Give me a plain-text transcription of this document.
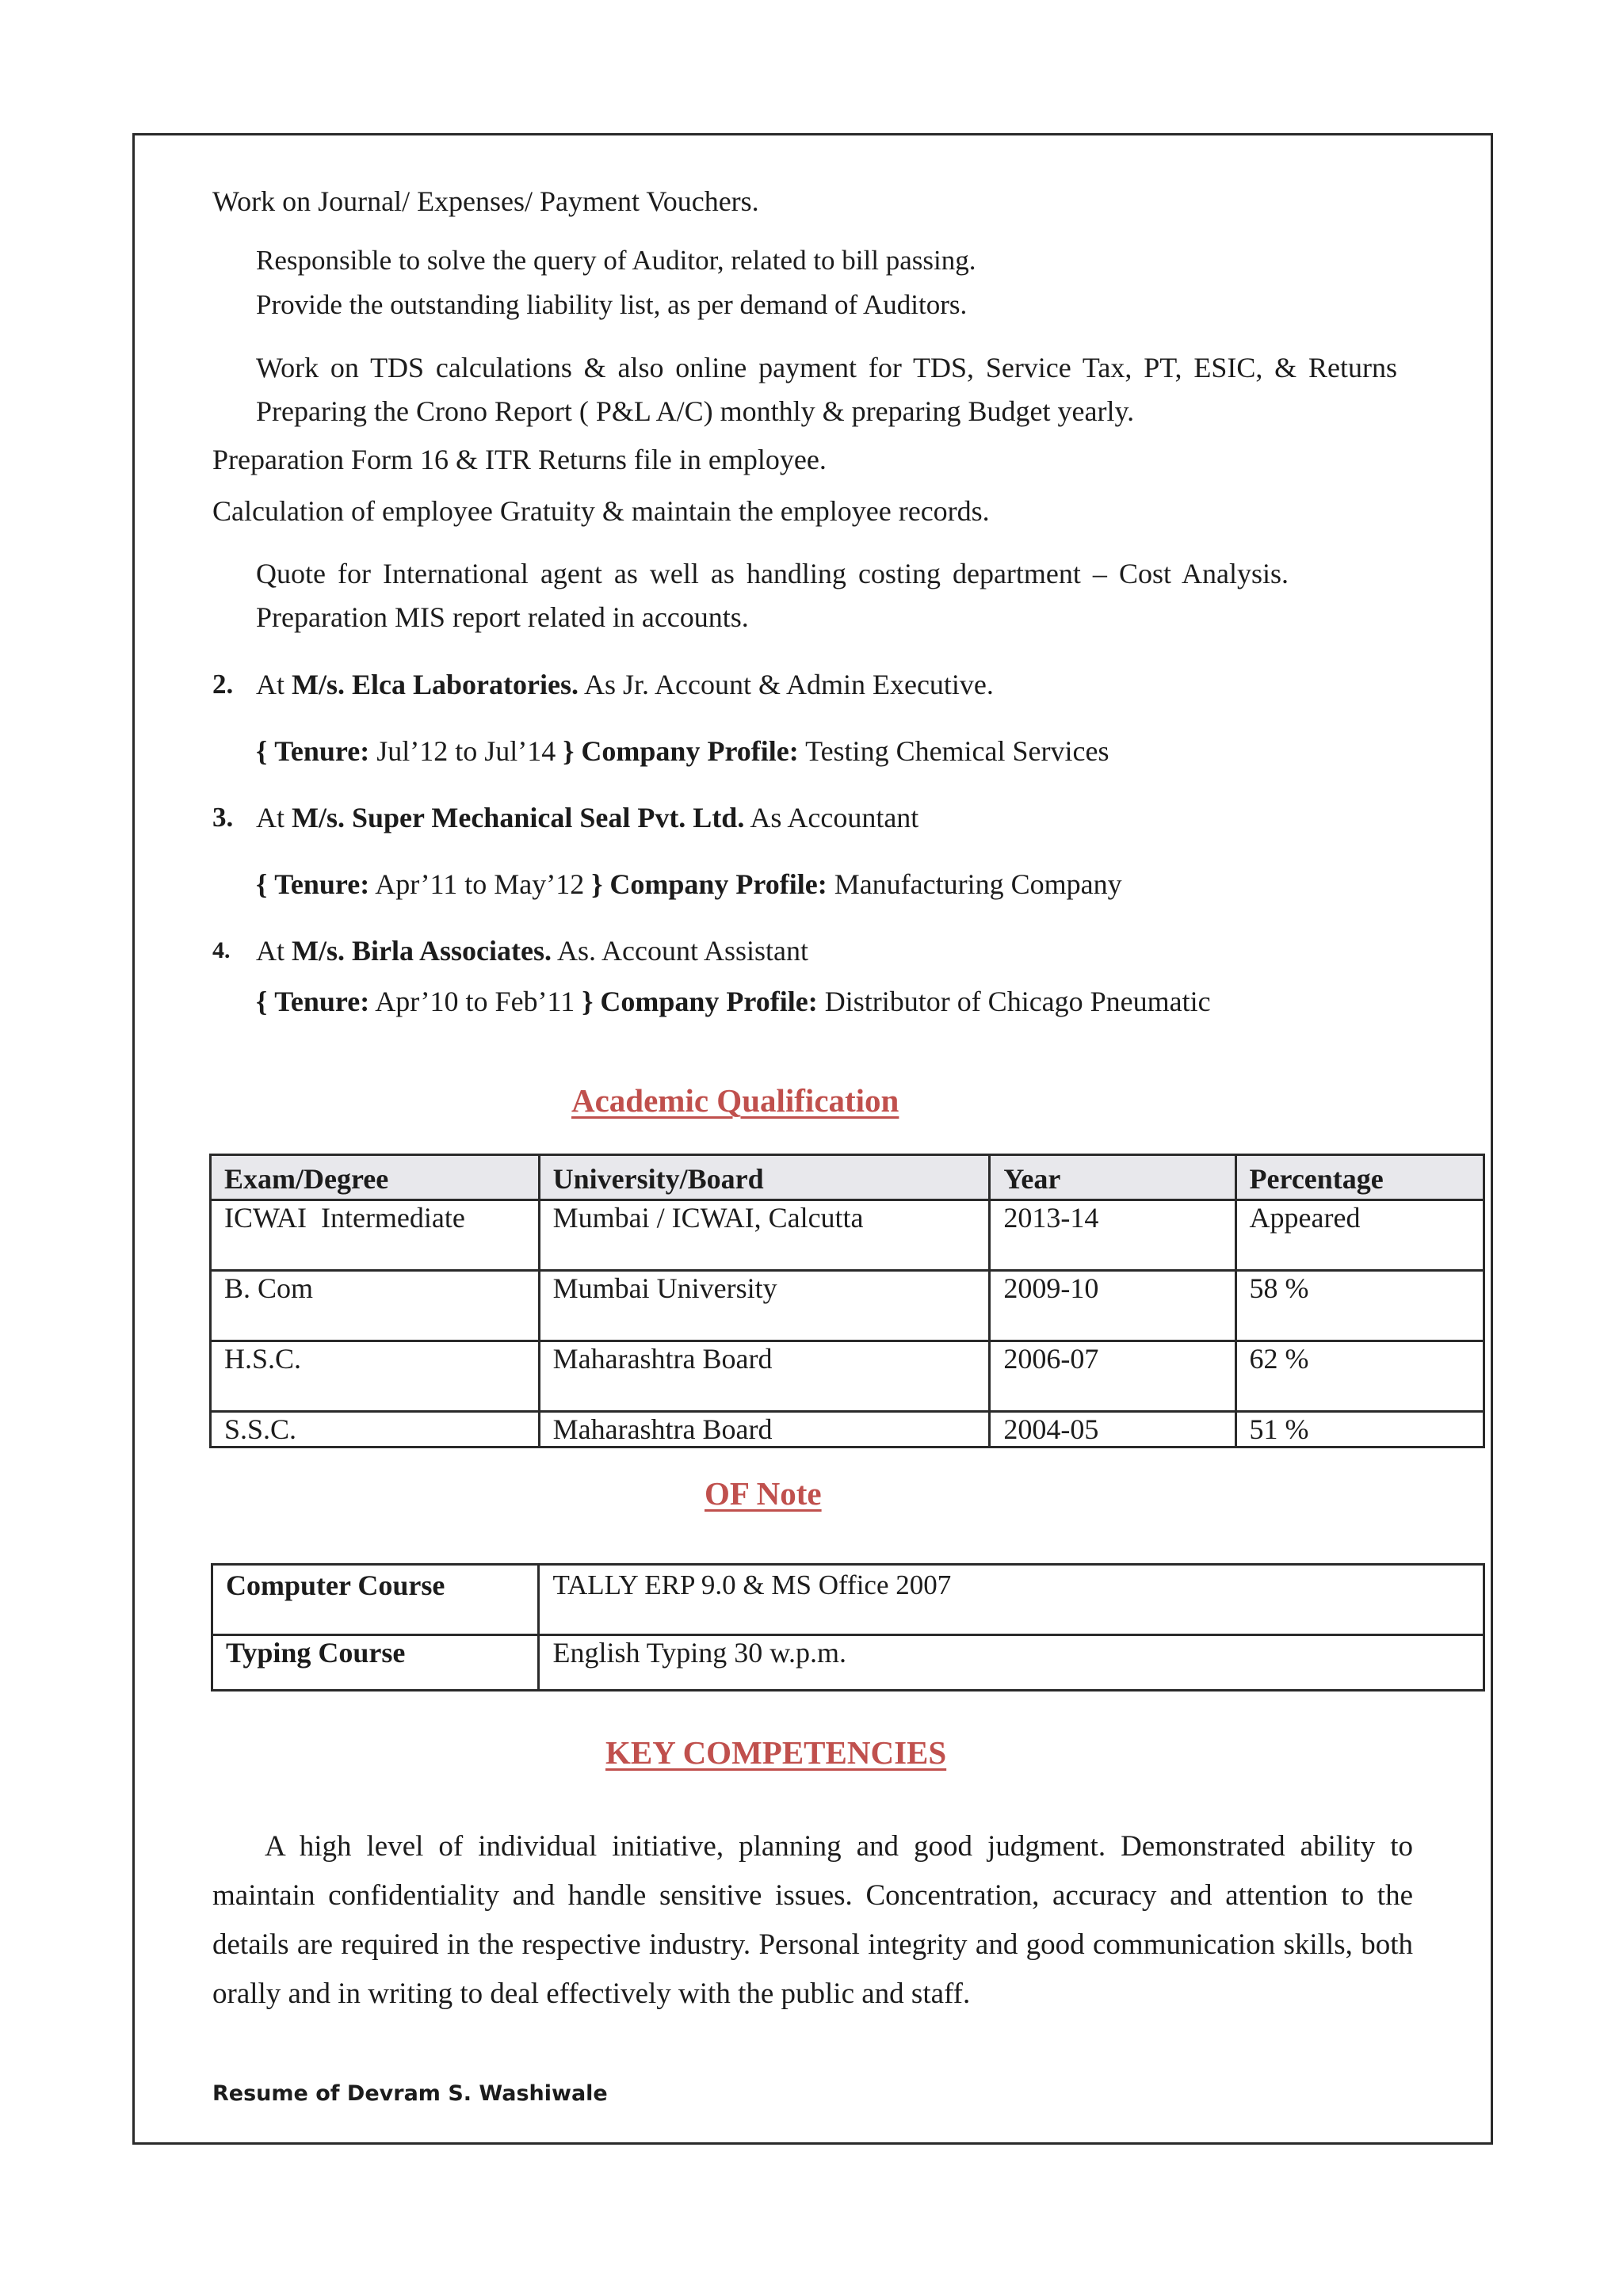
Work on Journal/ Expenses/ Payment Vouchers.
Responsible to solve the query of Auditor, related to bill passing.
Provide the outstanding liability list, as per demand of Auditors.
Work on TDS calculations & also online payment for TDS, Service Tax, PT, ESIC, & Returns Preparing the Crono Report ( P&L A/C) monthly & preparing Budget yearly.
Preparation Form 16 & ITR Returns file in employee.
Calculation of employee Gratuity & maintain the employee records.
Quote for International agent as well as handling costing department – Cost Analysis. Preparation MIS report related in accounts.
2. At M/s. Elca Laboratories. As Jr. Account & Admin Executive.
{ Tenure: Jul’12 to Jul’14 } Company Profile: Testing Chemical Services
3. At M/s. Super Mechanical Seal Pvt. Ltd. As Accountant
{ Tenure: Apr’11 to May’12 } Company Profile: Manufacturing Company
4. At M/s. Birla Associates. As. Account Assistant
{ Tenure: Apr’10 to Feb’11 } Company Profile: Distributor of Chicago Pneumatic
Academic Qualification
Exam/Degree	University/Board	Year	Percentage
ICWAI  Intermediate	Mumbai / ICWAI, Calcutta	2013-14	Appeared
B. Com	Mumbai University	2009-10	58 %
H.S.C.	Maharashtra Board	2006-07	62 %
S.S.C.	Maharashtra Board	2004-05	51 %
OF Note
Computer Course	TALLY ERP 9.0 & MS Office 2007
Typing Course	English Typing 30 w.p.m.
KEY COMPETENCIES
A high level of individual initiative, planning and good judgment. Demonstrated ability to maintain confidentiality and handle sensitive issues. Concentration, accuracy and attention to the details are required in the respective industry. Personal integrity and good communication skills, both orally and in writing to deal effectively with the public and staff.
Resume of Devram S. Washiwale
